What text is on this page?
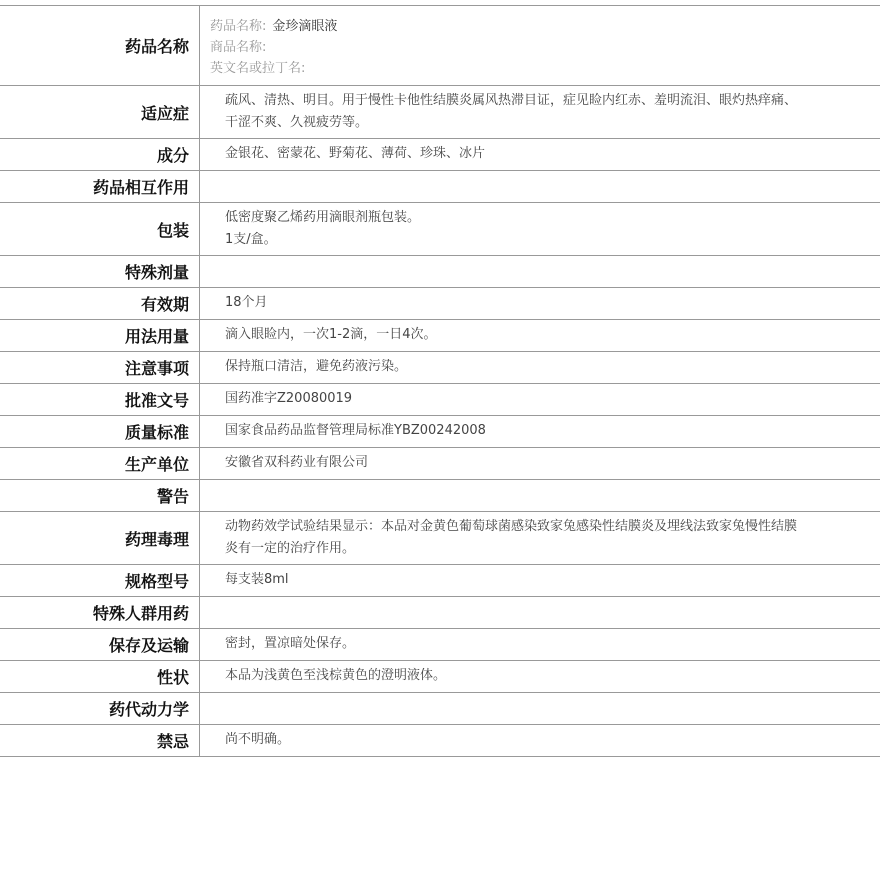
药品名称	药品名称: 金珍滴眼液
商品名称:
英文名或拉丁名:

适应症	疏风、清热、明目。用于慢性卡他性结膜炎属风热滞目证，症见睑内红赤、羞明流泪、眼灼热痒痛、干涩不爽、久视疲劳等。
成分	金银花、密蒙花、野菊花、薄荷、珍珠、冰片
药品相互作用	
包装	低密度聚乙烯药用滴眼剂瓶包装。
1支/盒。

特殊剂量	
有效期	18个月
用法用量	滴入眼睑内，一次1-2滴，一日4次。
注意事项	保持瓶口清洁，避免药液污染。
批准文号	国药准字Z20080019
质量标准	国家食品药品监督管理局标准YBZ00242008
生产单位	安徽省双科药业有限公司
警告	
药理毒理	动物药效学试验结果显示：本品对金黄色葡萄球菌感染致家兔感染性结膜炎及埋线法致家兔慢性结膜炎有一定的治疗作用。
规格型号	每支装8ml
特殊人群用药	
保存及运输	密封，置凉暗处保存。
性状	本品为浅黄色至浅棕黄色的澄明液体。
药代动力学	
禁忌	尚不明确。
